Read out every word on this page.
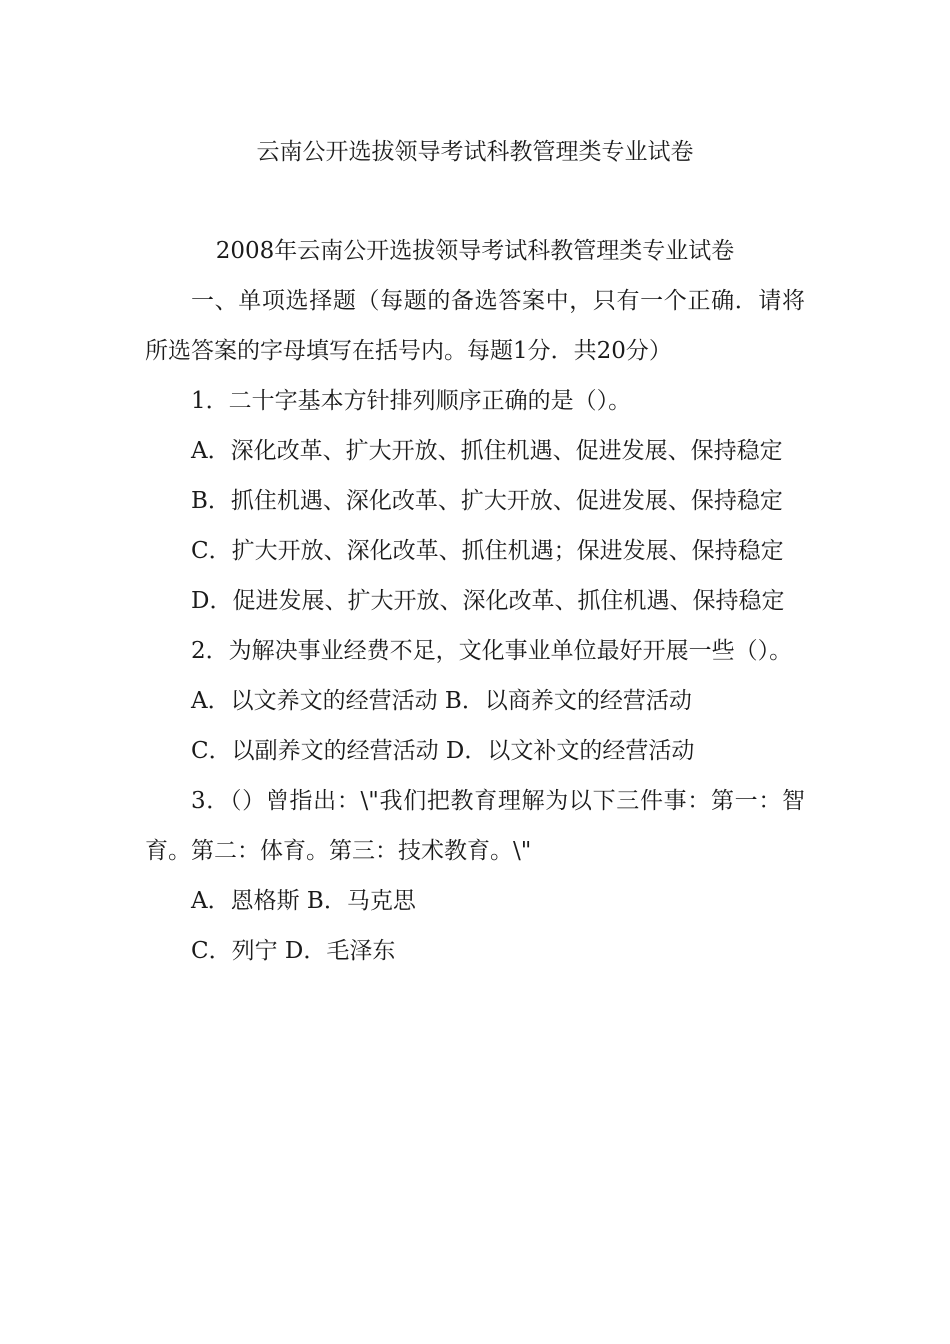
云南公开选拔领导考试科教管理类专业试卷

2008年云南公开选拔领导考试科教管理类专业试卷

一、单项选择题（每题的备选答案中，只有一个正确．请将所选答案的字母填写在括号内。每题1分．共20分）

1．二十字基本方针排列顺序正确的是（）。

A．深化改革、扩大开放、抓住机遇、促进发展、保持稳定

B．抓住机遇、深化改革、扩大开放、促进发展、保持稳定

C．扩大开放、深化改革、抓住机遇；保进发展、保持稳定

D．促进发展、扩大开放、深化改革、抓住机遇、保持稳定

2．为解决事业经费不足，文化事业单位最好开展一些（）。

A．以文养文的经营活动 B．以商养文的经营活动

C．以副养文的经营活动 D．以文补文的经营活动

3．（）曾指出：\"我们把教育理解为以下三件事：第一：智育。第二：体育。第三：技术教育。\"

A．恩格斯 B．马克思

C．列宁 D．毛泽东
